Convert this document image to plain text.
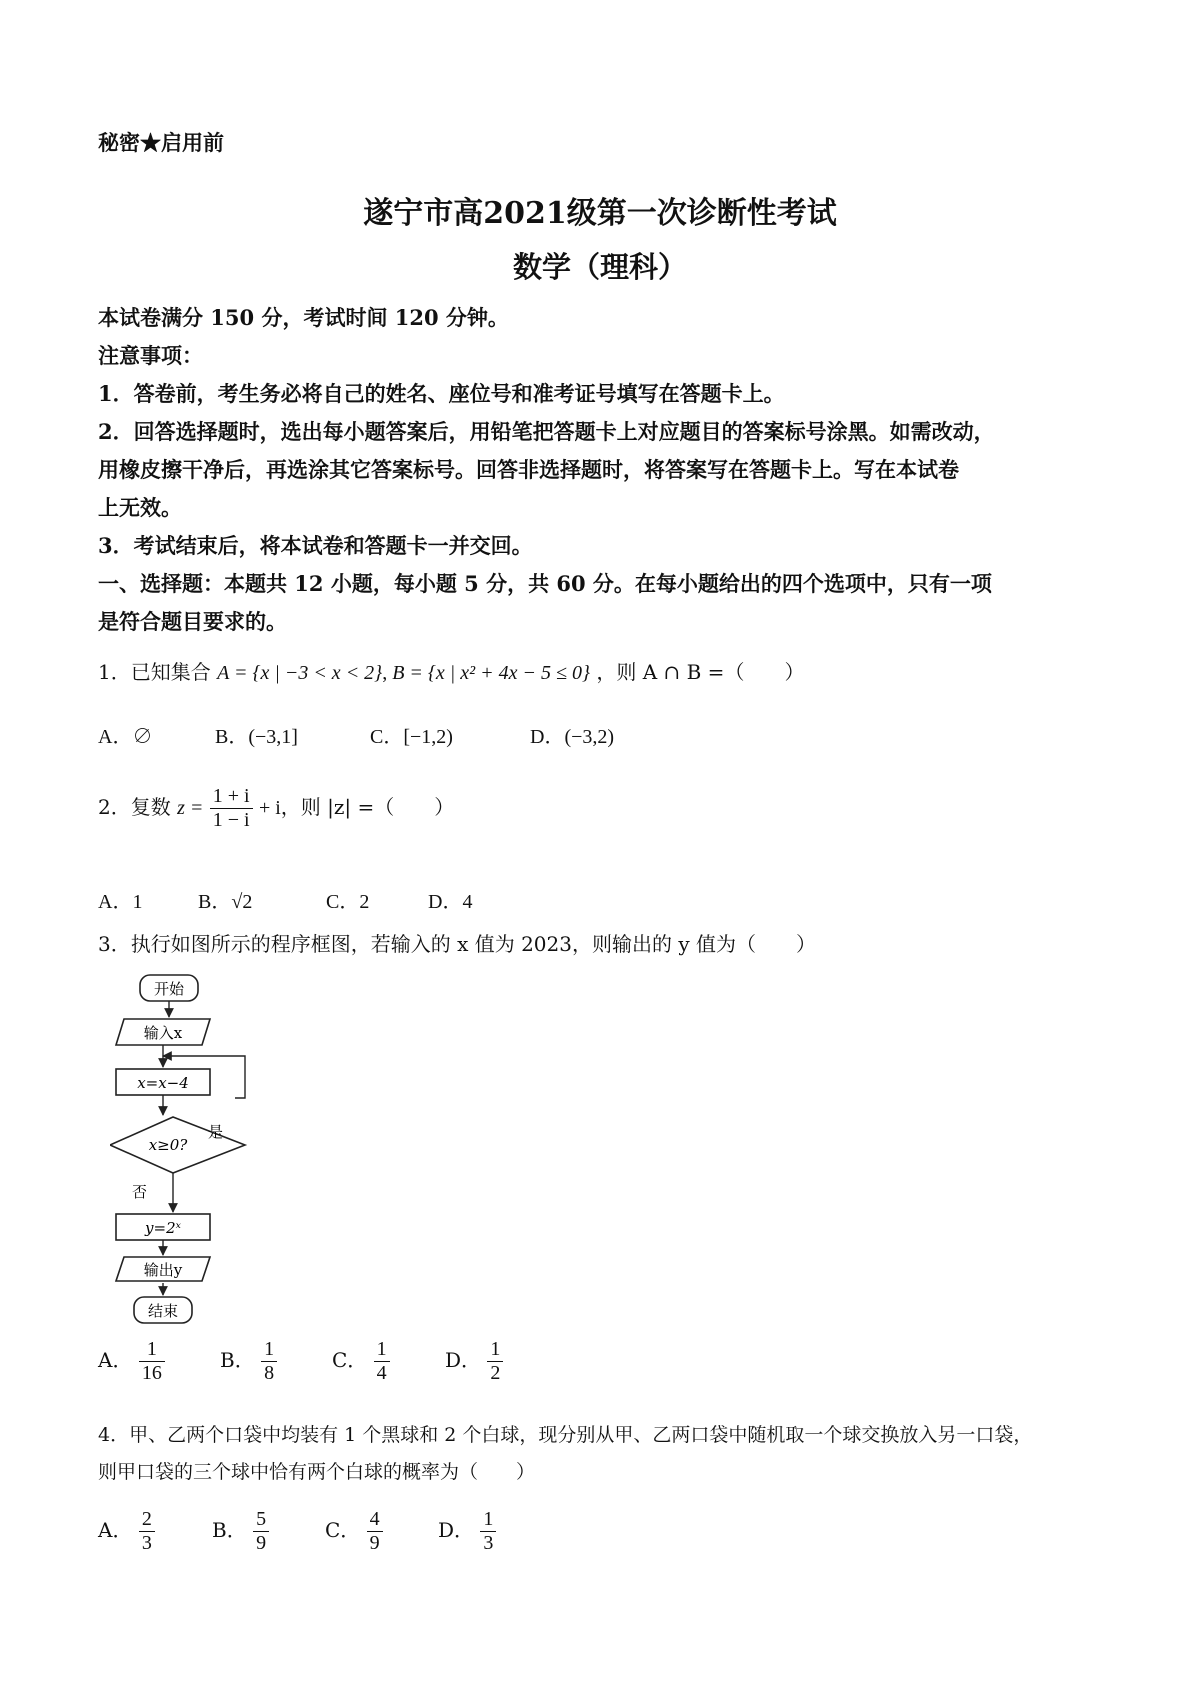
秘密★启用前
遂宁市高2021级第一次诊断性考试
数学（理科）
本试卷满分 150 分，考试时间 120 分钟。
注意事项：
1．答卷前，考生务必将自己的姓名、座位号和准考证号填写在答题卡上。
2．回答选择题时，选出每小题答案后，用铅笔把答题卡上对应题目的答案标号涂黑。如需改动，
用橡皮擦干净后，再选涂其它答案标号。回答非选择题时，将答案写在答题卡上。写在本试卷
上无效。
3．考试结束后，将本试卷和答题卡一并交回。
一、选择题：本题共 12 小题，每小题 5 分，共 60 分。在每小题给出的四个选项中，只有一项
是符合题目要求的。
1．已知集合 A = {x | −3 < x < 2}, B = {x | x² + 4x − 5 ≤ 0} ，则 A ∩ B =（　　）
A．∅	B．(−3,1]	C．[−1,2)	D．(−3,2)
2．复数 $z = \frac{1 + i}{1 - i} + i$，则 |z| =（　　）
A．1	B．√2	C．2	D．4
3．执行如图所示的程序框图，若输入的 x 值为 2023，则输出的 y 值为（　　）
开始
输入x
x=x−4
x≥0?
是
否
y=2ˣ
输出y
结束
A． $\frac{1}{16}$	B． $\frac{1}{8}$	C． $\frac{1}{4}$	D． $\frac{1}{2}$
4．甲、乙两个口袋中均装有 1 个黑球和 2 个白球，现分别从甲、乙两口袋中随机取一个球交换放入另一口袋，
则甲口袋的三个球中恰有两个白球的概率为（　　）
A． $\frac{2}{3}$	B． $\frac{5}{9}$	C． $\frac{4}{9}$	D． $\frac{1}{3}$
